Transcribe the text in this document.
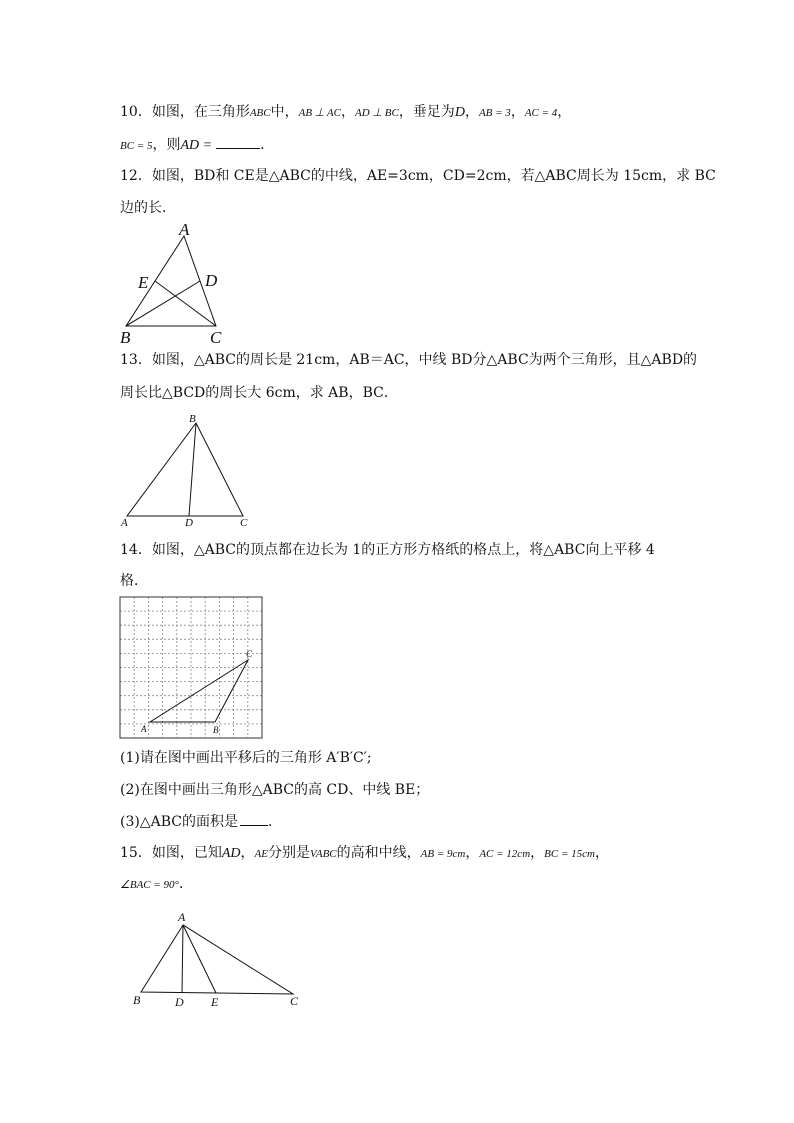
10．如图，在三角形ABC中，AB ⊥ AC，AD ⊥ BC，垂足为D，AB = 3，AC = 4，
BC = 5，则AD =	．
12．如图，BD和 CE是△ABC的中线，AE=3cm，CD=2cm，若△ABC周长为 15cm，求 BC
边的长．
A
B	C
D
E
13．如图，△ABC的周长是 21cm，AB＝AC，中线 BD分△ABC为两个三角形，且△ABD的
周长比△BCD的周长大 6cm，求 AB，BC．
B
A	D	C
14．如图，△ABC的顶点都在边长为 1的正方形方格纸的格点上，将△ABC向上平移 4
格．
A	B
C
(1)请在图中画出平移后的三角形 A′B′C′;
(2)在图中画出三角形△ABC的高 CD、中线 BE；
(3)△ABC的面积是 ．
15．如图，已知AD，AE分别是VABC的高和中线，AB = 9cm，AC = 12cm，BC = 15cm，
∠BAC = 90°．
A
B	D E	C
